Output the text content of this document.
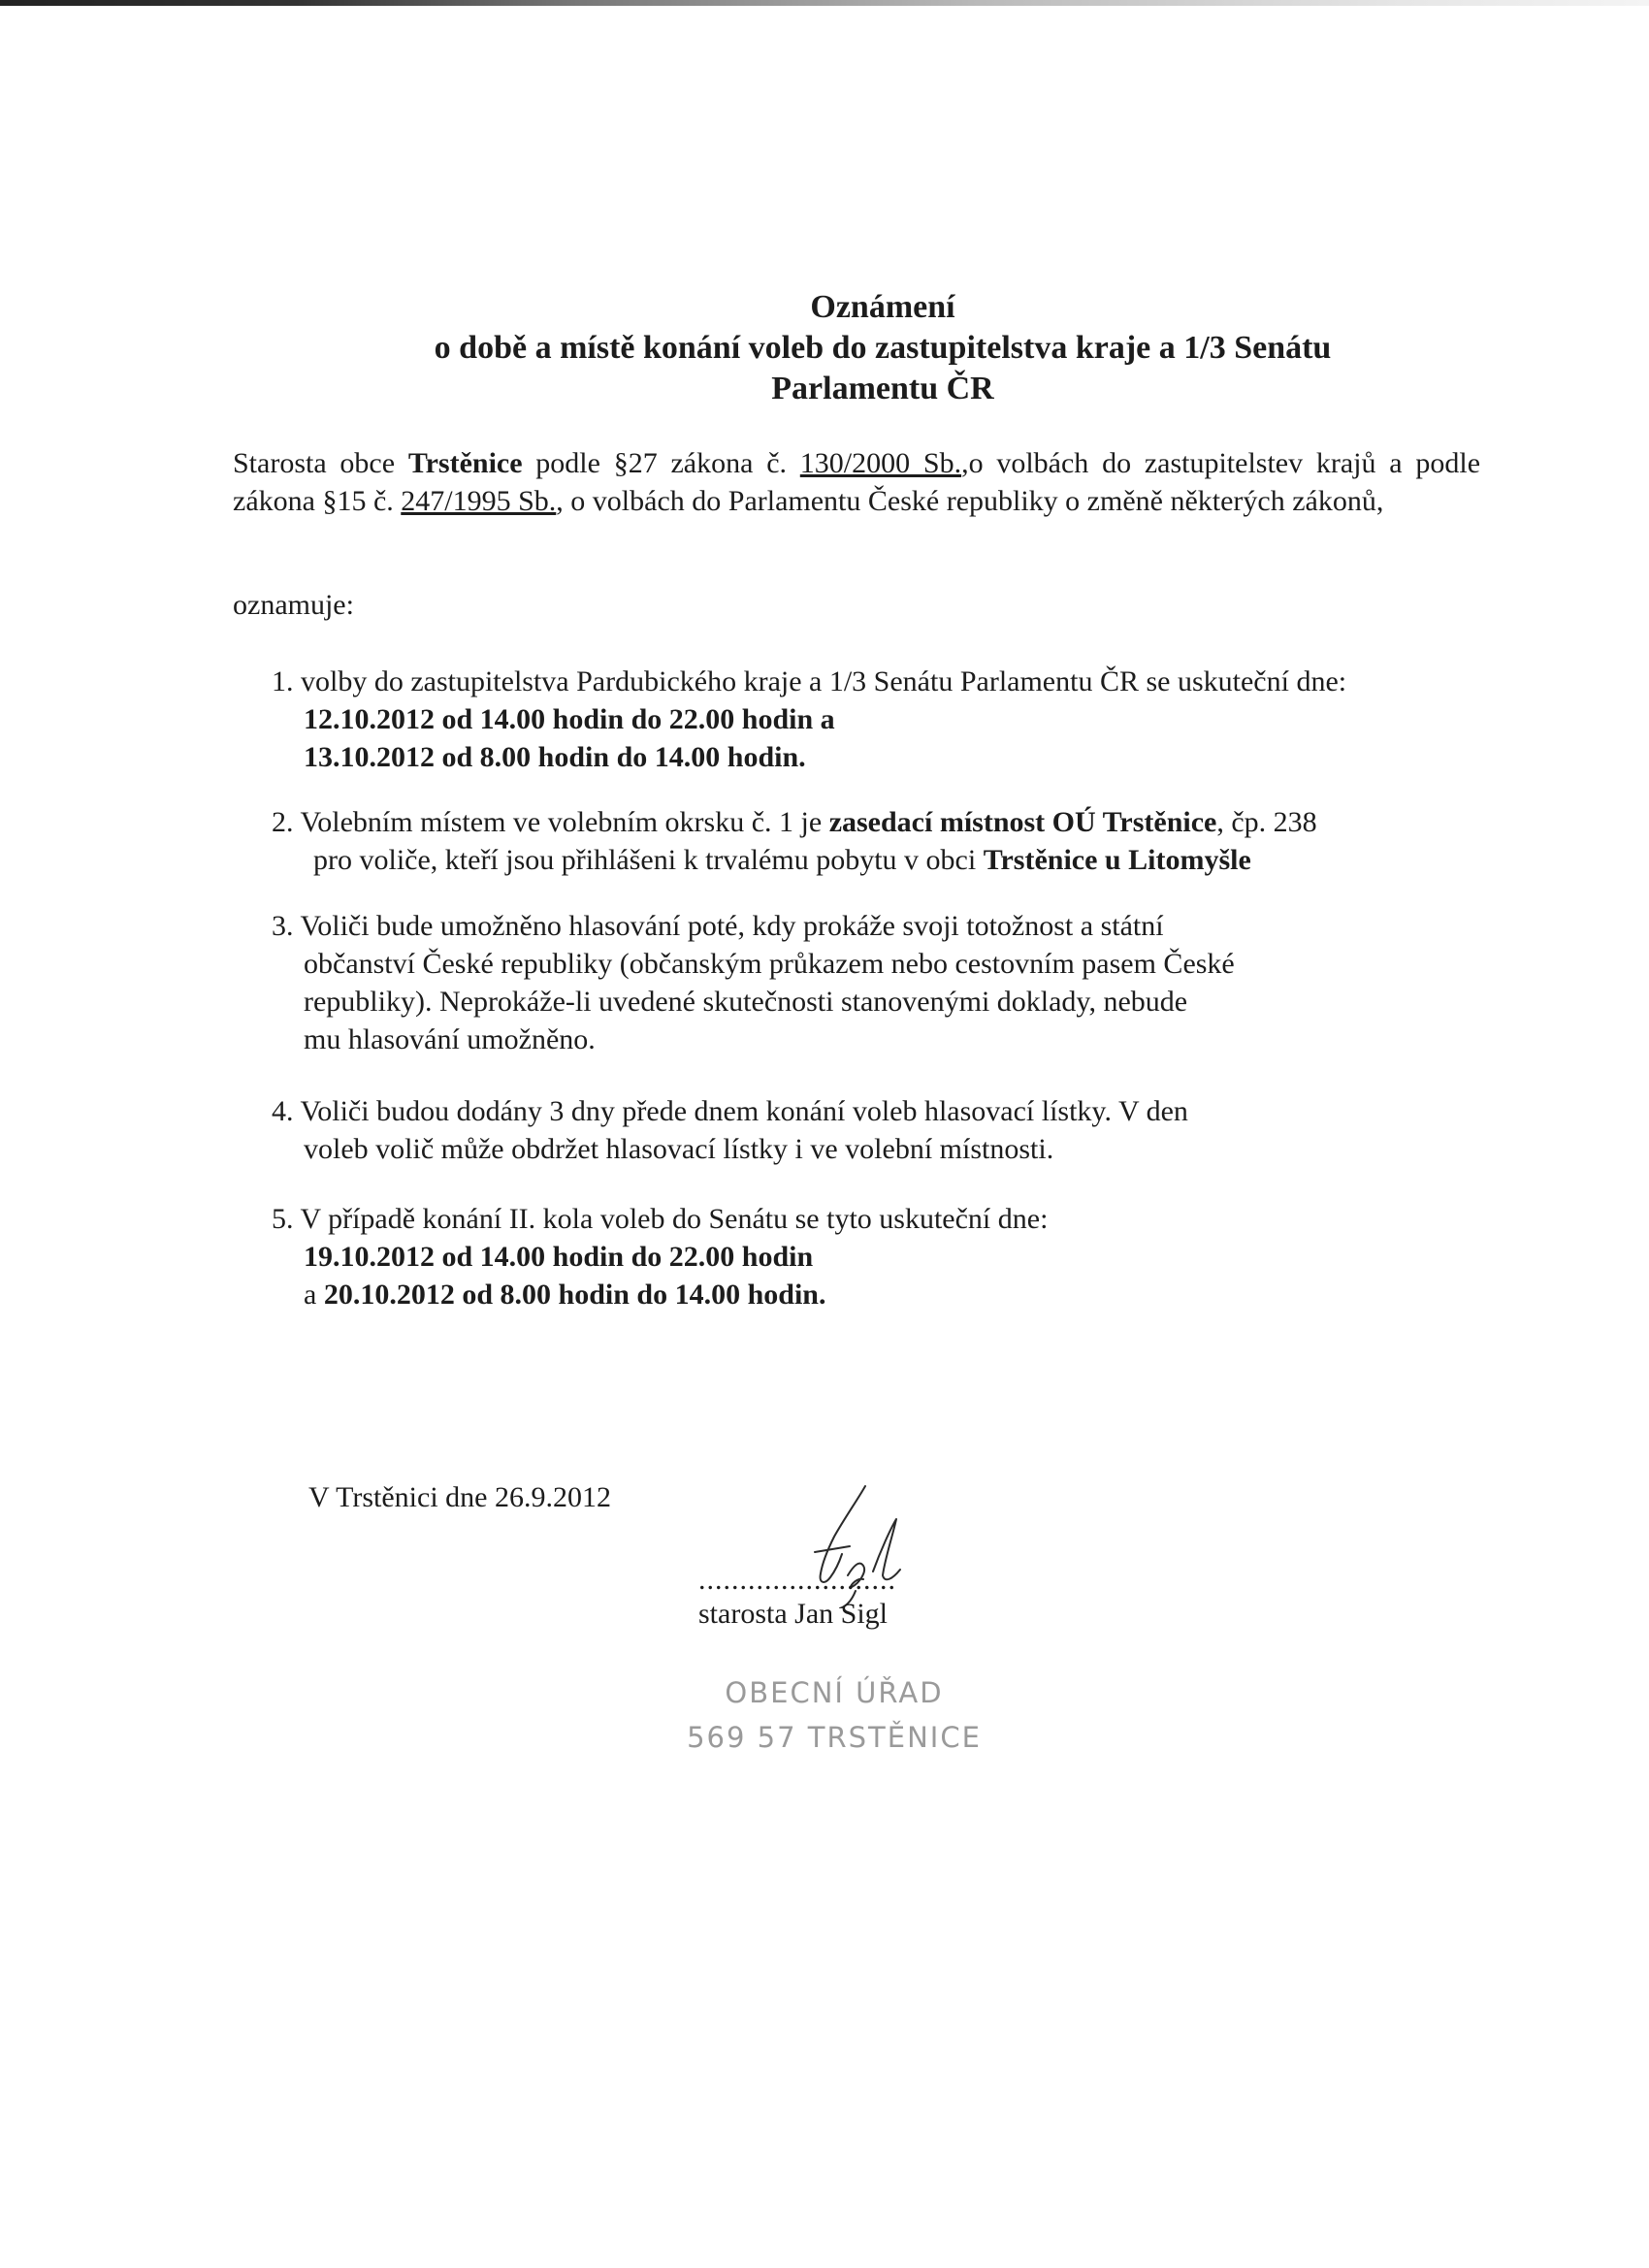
Oznámení
o době a místě konání voleb do zastupitelstva kraje a 1/3 Senátu
Parlamentu ČR
Starosta obce Trstěnice podle §27 zákona č. 130/2000 Sb.,o volbách do zastupitelstev krajů a podle zákona §15 č. 247/1995 Sb., o volbách do Parlamentu České republiky o změně některých zákonů,
oznamuje:
1. volby do zastupitelstva Pardubického kraje a 1/3 Senátu Parlamentu ČR se uskuteční dne:
12.10.2012 od 14.00 hodin do 22.00 hodin a
13.10.2012 od 8.00 hodin do 14.00 hodin.
2. Volebním místem ve volebním okrsku č. 1 je zasedací místnost OÚ Trstěnice, čp. 238
pro voliče, kteří jsou přihlášeni k trvalému pobytu v obci Trstěnice u Litomyšle
3. Voliči bude umožněno hlasování poté, kdy prokáže svoji totožnost a státní
občanství České republiky (občanským průkazem nebo cestovním pasem České
republiky). Neprokáže-li uvedené skutečnosti stanovenými doklady, nebude
mu hlasování umožněno.
4. Voliči budou dodány 3 dny přede dnem konání voleb hlasovací lístky. V den
voleb volič může obdržet hlasovací lístky i ve volební místnosti.
5. V případě konání II. kola voleb do Senátu se tyto uskuteční dne:
19.10.2012 od 14.00 hodin do 22.00 hodin
a 20.10.2012 od 8.00 hodin do 14.00 hodin.
V Trstěnici dne 26.9.2012
........................
starosta Jan Sigl
OBECNÍ ÚŘAD
569 57 TRSTĚNICE
